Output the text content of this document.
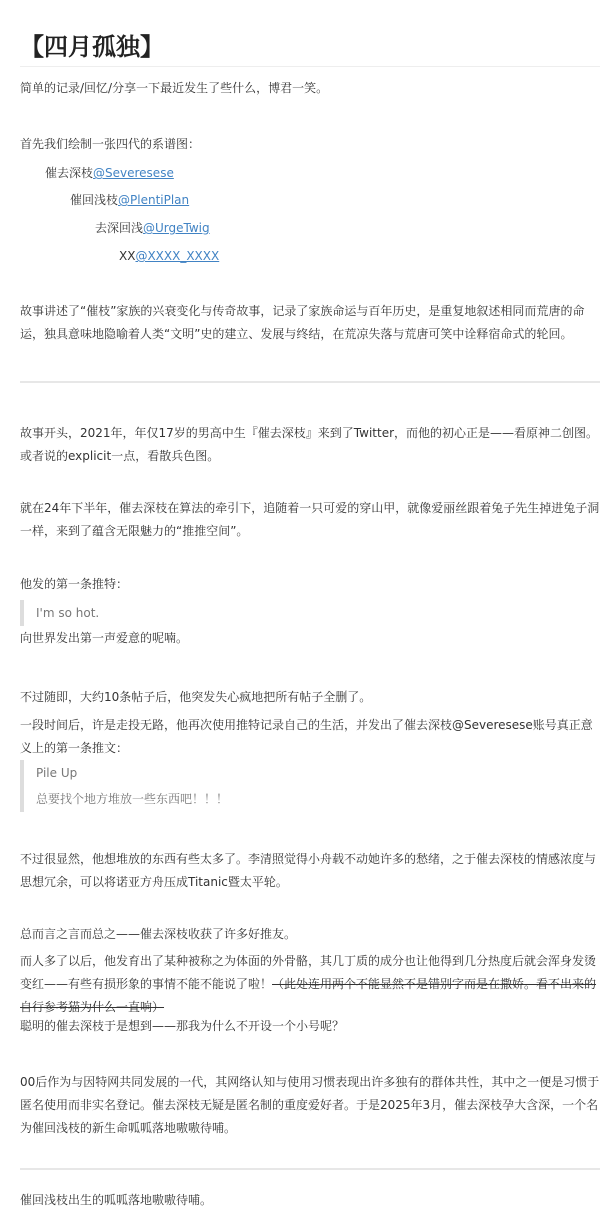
【四月孤独】

简单的记录/回忆/分享一下最近发生了些什么，博君一笑。

首先我们绘制一张四代的系谱图：

催去深枝@Severesese
催回浅枝@PlentiPlan
去深回浅@UrgeTwig
XX@XXXX_XXXX

故事讲述了“催枝”家族的兴衰变化与传奇故事，记录了家族命运与百年历史，是重复地叙述相同而荒唐的命运，独具意味地隐喻着人类“文明”史的建立、发展与终结，在荒凉失落与荒唐可笑中诠释宿命式的轮回。

故事开头，2021年，年仅17岁的男高中生『催去深枝』来到了Twitter，而他的初心正是——看原神二创图。或者说的explicit一点，看散兵色图。

就在24年下半年，催去深枝在算法的牵引下，追随着一只可爱的穿山甲，就像爱丽丝跟着兔子先生掉进兔子洞一样，来到了蕴含无限魅力的“推推空间”。

他发的第一条推特：

I'm so hot.

向世界发出第一声爱意的呢喃。

不过随即，大约10条帖子后，他突发失心疯地把所有帖子全删了。

一段时间后，许是走投无路，他再次使用推特记录自己的生活，并发出了催去深枝@Severesese账号真正意义上的第一条推文：

Pile Up
总要找个地方堆放一些东西吧！！！

不过很显然，他想堆放的东西有些太多了。李清照觉得小舟载不动她许多的愁绪，之于催去深枝的情感浓度与思想冗余，可以将诺亚方舟压成Titanic暨太平轮。

总而言之言而总之——催去深枝收获了许多好推友。

而人多了以后，他发育出了某种被称之为体面的外骨骼，其几丁质的成分也让他得到几分热度后就会浑身发烫变红——有些有损形象的事情不能不能说了啦！（此处连用两个不能显然不是错别字而是在撒娇。看不出来的自行参考猫为什么一直响）

聪明的催去深枝于是想到——那我为什么不开设一个小号呢？

00后作为与因特网共同发展的一代，其网络认知与使用习惯表现出许多独有的群体共性，其中之一便是习惯于匿名使用而非实名登记。催去深枝无疑是匿名制的重度爱好者。于是2025年3月，催去深枝孕大含深，一个名为催回浅枝的新生命呱呱落地嗷嗷待哺。

催回浅枝出生的呱呱落地嗷嗷待哺。
